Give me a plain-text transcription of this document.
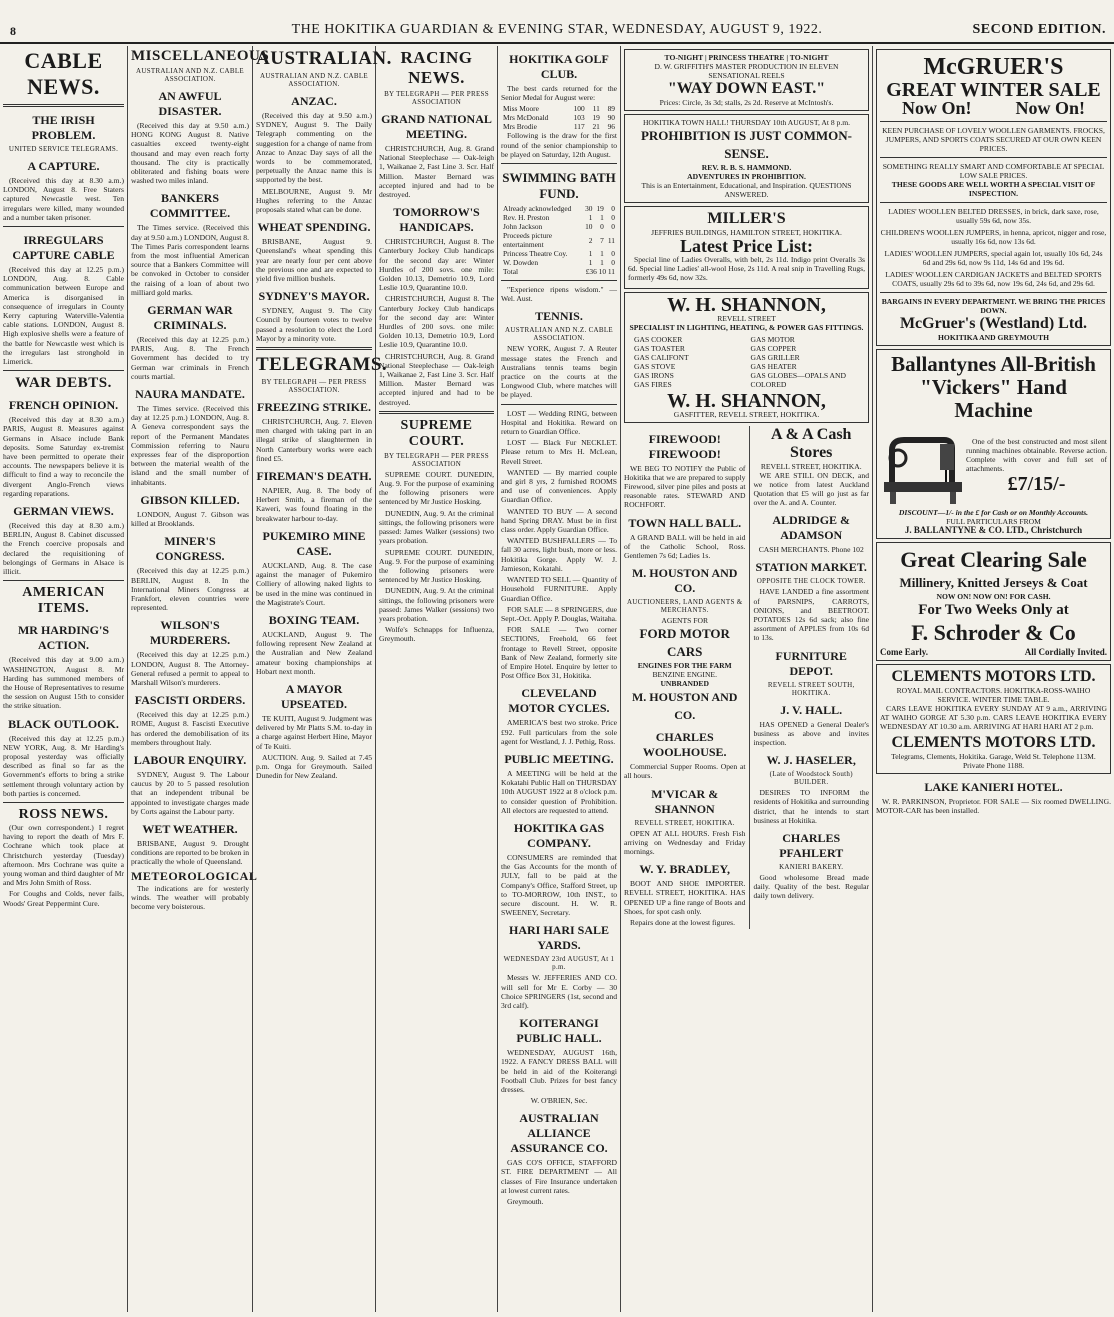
8	THE HOKITIKA GUARDIAN & EVENING STAR, WEDNESDAY, AUGUST 9, 1922.	SECOND EDITION.
CABLE NEWS.
THE IRISH PROBLEM.
UNITED SERVICE TELEGRAMS.
A CAPTURE.

(Received this day at 8.30 a.m.) LONDON, August 8. Free Staters captured Newcastle west. Ten irregulars were killed, many wounded and a number taken prisoner.

IRREGULARS CAPTURE CABLE

(Received this day at 12.25 p.m.) LONDON, Aug. 8. Cable communication between Europe and America is disorganised in consequence of irregulars in County Kerry capturing Waterville-Valentia cable stations. LONDON, August 8. High explosive shells were a feature of the battle for Newcastle west which is the irregulars last stronghold in Limerick.

WAR DEBTS.
FRENCH OPINION.

(Received this day at 8.30 a.m.) PARIS, August 8. Measures against Germans in Alsace include Bank deposits. Some Saturday ex-tremist have been permitted to operate their accounts. The newspapers believe it is difficult to find a way to reconcile the divergent Anglo-French views regarding reparations.

GERMAN VIEWS.

(Received this day at 8.30 a.m.) BERLIN, August 8. Cabinet discussed the French coercive proposals and declared the requisitioning of belongings of Germans in Alsace is illicit.

AMERICAN ITEMS.
MR HARDING'S ACTION.

(Received this day at 9.00 a.m.) WASHINGTON, August 8. Mr Harding has summoned members of the House of Representatives to resume the session on August 15th to consider the strike situation.

BLACK OUTLOOK.

(Received this day at 12.25 p.m.) NEW YORK, Aug. 8. Mr Harding's proposal yesterday was officially described as final so far as the Government's efforts to bring a strike settlement through voluntary action by both parties is concerned.

ROSS NEWS.

(Our own correspondent.) I regret having to report the death of Mrs F. Cochrane which took place at Christchurch yesterday (Tuesday) afternoon. Mrs Cochrane was quite a young woman and third daughter of Mr and Mrs John Smith of Ross.

For Coughs and Colds, never fails, Woods' Great Peppermint Cure.

MISCELLANEOUS
AUSTRALIAN AND N.Z. CABLE ASSOCIATION.
AN AWFUL DISASTER.

(Received this day at 9.50 a.m.) HONG KONG August 8. Native casualties exceed twenty-eight thousand and may even reach forty thousand. The city is practically obliterated and fishing boats were washed two miles inland.

BANKERS COMMITTEE.

The Times service. (Received this day at 9.50 a.m.) LONDON, August 8. The Times Paris correspondent learns from the most influential American source that a Bankers Committee will be convoked in October to consider the raising of a loan of about two milliard gold marks.

GERMAN WAR CRIMINALS.

(Received this day at 12.25 p.m.) PARIS, Aug. 8. The French Government has decided to try German war criminals in French courts martial.

NAURA MANDATE.

The Times service. (Received this day at 12.25 p.m.) LONDON, Aug. 8. A Geneva correspondent says the report of the Permanent Mandates Commission referring to Nauru expresses fear of the disproportion between the material wealth of the island and the small number of inhabitants.

GIBSON KILLED.

LONDON, August 7. Gibson was killed at Brooklands.

MINER'S CONGRESS.

(Received this day at 12.25 p.m.) BERLIN, August 8. In the International Miners Congress at Frankfort, eleven countries were represented.

WILSON'S MURDERERS.

(Received this day at 12.25 p.m.) LONDON, August 8. The Attorney-General refused a permit to appeal to Marshall Wilson's murderers.

FASCISTI ORDERS.

(Received this day at 12.25 p.m.) ROME, August 8. Fascisti Executive has ordered the demobilisation of its members throughout Italy.

LABOUR ENQUIRY.

SYDNEY, August 9. The Labour caucus by 20 to 5 passed resolution that an independent tribunal be appointed to investigate charges made by Corts against the Labour party.

WET WEATHER.

BRISBANE, August 9. Drought conditions are reported to be broken in practically the whole of Queensland.

METEOROLOGICAL

The indications are for westerly winds. The weather will probably become very boisterous.

AUSTRALIAN.
AUSTRALIAN AND N.Z. CABLE ASSOCIATION.
ANZAC.

(Received this day at 9.50 a.m.) SYDNEY, August 9. The Daily Telegraph commenting on the suggestion for a change of name from Anzac to Anzac Day says of all the words to be commemorated, perpetually the Anzac name this is supported by the best.

MELBOURNE, August 9. Mr Hughes referring to the Anzac proposals stated what can be done.

WHEAT SPENDING.

BRISBANE, August 9. Queensland's wheat spending this year are nearly four per cent above the previous one and are expected to yield five million bushels.

SYDNEY'S MAYOR.

SYDNEY, August 9. The City Council by fourteen votes to twelve passed a resolution to elect the Lord Mayor by a minority vote.

TELEGRAMS.
BY TELEGRAPH — PER PRESS ASSOCIATION.
FREEZING STRIKE.

CHRISTCHURCH, Aug. 7. Eleven men charged with taking part in an illegal strike of slaughtermen in North Canterbury works were each fined £5.

FIREMAN'S DEATH.

NAPIER, Aug. 8. The body of Herbert Smith, a fireman of the Kaweri, was found floating in the breakwater harbour to-day.

PUKEMIRO MINE CASE.

AUCKLAND, Aug. 8. The case against the manager of Pukemiro Colliery of allowing naked lights to be used in the mine was continued in the Magistrate's Court.

BOXING TEAM.

AUCKLAND, August 9. The following represent New Zealand at the Australian and New Zealand amateur boxing championships at Hobart next month.

A MAYOR UPSEATED.

TE KUITI, August 9. Judgment was delivered by Mr Platts S.M. to-day in a charge against Herbert Hine, Mayor of Te Kuiti.

AUCTION. Aug. 9. Sailed at 7.45 p.m. Onga for Greymouth. Sailed Dunedin for New Zealand.

RACING NEWS.
BY TELEGRAPH — PER PRESS ASSOCIATION
GRAND NATIONAL MEETING.

CHRISTCHURCH, Aug. 8. Grand National Steeplechase — Oak-leigh 1, Waikanae 2, Fast Line 3. Scr. Half Million. Master Bernard was accepted injured and had to be destroyed.

TOMORROW'S HANDICAPS.

CHRISTCHURCH, August 8. The Canterbury Jockey Club handicaps for the second day are: Winter Hurdles of 200 sovs. one mile: Golden 10.13, Demetrio 10.9, Lord Leslie 10.9, Quarantine 10.0.

CHRISTCHURCH, August 8. The Canterbury Jockey Club handicaps for the second day are: Winter Hurdles of 200 sovs. one mile: Golden 10.13, Demetrio 10.9, Lord Leslie 10.9, Quarantine 10.0.

CHRISTCHURCH, Aug. 8. Grand National Steeplechase — Oak-leigh 1, Waikanae 2, Fast Line 3. Scr. Half Million. Master Bernard was accepted injured and had to be destroyed.

SUPREME COURT.
BY TELEGRAPH — PER PRESS ASSOCIATION

SUPREME COURT. DUNEDIN, Aug. 9. For the purpose of examining the following prisoners were sentenced by Mr Justice Hosking.

DUNEDIN, Aug. 9. At the criminal sittings, the following prisoners were passed: James Walker (sessions) two years probation.

SUPREME COURT. DUNEDIN, Aug. 9. For the purpose of examining the following prisoners were sentenced by Mr Justice Hosking.

DUNEDIN, Aug. 9. At the criminal sittings, the following prisoners were passed: James Walker (sessions) two years probation.

Wolfe's Schnapps for Influenza, Greymouth.

HOKITIKA GOLF CLUB.

The best cards returned for the Senior Medal for August were:

Miss Moore	100	11	89
Mrs McDonald	103	19	90
Mrs Brodie	117	21	96

Following is the draw for the first round of the senior championship to be played on Saturday, 12th August.

SWIMMING BATH FUND.
Already acknowledged	30	19	0
Rev. H. Preston	1	1	0
John Jackson	10	0	0
Proceeds picture entertainment	2	7	11
Princess Theatre Coy.	1	1	0
W. Dowden	1	1	0
Total	£36 10 11		

"Experience ripens wisdom." — Wel. Aust.

TENNIS.
AUSTRALIAN AND N.Z. CABLE ASSOCIATION.

NEW YORK, August 7. A Reuter message states the French and Australians tennis teams begin practice on the courts at the Longwood Club, where matches will be played.

LOST — Wedding RING, between Hospital and Hokitika. Reward on return to Guardian Office.

LOST — Black Fur NECKLET. Please return to Mrs H. McLean, Revell Street.

WANTED — By married couple and girl 8 yrs, 2 furnished ROOMS and use of conveniences. Apply Guardian Office.

WANTED TO BUY — A second hand Spring DRAY. Must be in first class order. Apply Guardian Office.

WANTED BUSHFALLERS — To fall 30 acres, light bush, more or less. Hokitika Gorge. Apply W. J. Jamieson, Kokatahi.

WANTED TO SELL — Quantity of Household FURNITURE. Apply Guardian Office.

FOR SALE — 8 SPRINGERS, due Sept.-Oct. Apply P. Douglas, Waitaha.

FOR SALE — Two corner SECTIONS, Freehold, 66 feet frontage to Revell Street, opposite Bank of New Zealand, formerly site of Empire Hotel. Enquire by letter to Post Office Box 31, Hokitika.

CLEVELAND MOTOR CYCLES.

AMERICA'S best two stroke. Price £92. Full particulars from the sole agent for Westland, J. J. Pethig, Ross.

PUBLIC MEETING.

A MEETING will be held at the Kokatahi Public Hall on THURSDAY 10th AUGUST 1922 at 8 o'clock p.m. to consider question of Prohibition. All electors are requested to attend.

HOKITIKA GAS COMPANY.

CONSUMERS are reminded that the Gas Accounts for the month of JULY, fall to be paid at the Company's Office, Stafford Street, up to TO-MORROW, 10th INST., to secure discount. H. W. R. SWEENEY, Secretary.

HARI HARI SALE YARDS.
WEDNESDAY 23rd AUGUST, At 1 p.m.

Messrs W. JEFFERIES AND CO. will sell for Mr E. Corby — 30 Choice SPRINGERS (1st, second and 3rd calf).

KOITERANGI PUBLIC HALL.

WEDNESDAY, AUGUST 16th, 1922. A FANCY DRESS BALL will be held in aid of the Koiterangi Football Club. Prizes for best fancy dresses.

W. O'BRIEN, Sec.
AUSTRALIAN ALLIANCE ASSURANCE CO.

GAS CO'S OFFICE, STAFFORD ST. FIRE DEPARTMENT — All classes of Fire Insurance undertaken at lowest current rates.

Greymouth.

TO-NIGHT | PRINCESS THEATRE | TO-NIGHT
D. W. GRIFFITH'S MASTER PRODUCTION IN ELEVEN SENSATIONAL REELS
"WAY DOWN EAST."
Prices: Circle, 3s 3d; stalls, 2s 2d. Reserve at McIntosh's.
HOKITIKA TOWN HALL! THURSDAY 10th AUGUST, At 8 p.m.
PROHIBITION IS JUST COMMON-SENSE.
REV. R. B. S. HAMMOND.
ADVENTURES IN PROHIBITION.
This is an Entertainment, Educational, and Inspiration. QUESTIONS ANSWERED.
MILLER'S
JEFFRIES BUILDINGS, HAMILTON STREET, HOKITIKA.
Latest Price List:

Special line of Ladies Overalls, with belt, 2s 11d. Indigo print Overalls 3s 6d. Special line Ladies' all-wool Hose, 2s 11d. A real snip in Travelling Rugs, formerly 49s 6d, now 32s.

W. H. SHANNON,
REVELL STREET
SPECIALIST IN LIGHTING, HEATING, & POWER GAS FITTINGS.
GAS COOKER
GAS TOASTER
GAS CALIFONT
GAS STOVE
GAS IRONS
GAS FIRES
GAS MOTOR
GAS COPPER
GAS GRILLER
GAS HEATER
GAS GLOBES—OPALS AND COLORED
W. H. SHANNON,
GASFITTER, REVELL STREET, HOKITIKA.
FIREWOOD! FIREWOOD!

WE BEG TO NOTIFY the Public of Hokitika that we are prepared to supply Firewood, silver pine piles and posts at reasonable rates. STEWARD AND ROCHFORT.

TOWN HALL BALL.

A GRAND BALL will be held in aid of the Catholic School, Ross. Gentlemen 7s 6d; Ladies 1s.

M. HOUSTON AND CO.
AUCTIONEERS, LAND AGENTS & MERCHANTS.
AGENTS FOR
FORD MOTOR CARS
ENGINES FOR THE FARM
BENZINE ENGINE.
UNBRANDED
M. HOUSTON AND CO.
CHARLES WOOLHOUSE.

Commercial Supper Rooms. Open at all hours.

M'VICAR & SHANNON
REVELL STREET, HOKITIKA.

OPEN AT ALL HOURS. Fresh Fish arriving on Wednesday and Friday mornings.

W. Y. BRADLEY,

BOOT AND SHOE IMPORTER. REVELL STREET, HOKITIKA. HAS OPENED UP a fine range of Boots and Shoes, for spot cash only.

Repairs done at the lowest figures.

A & A Cash Stores
REVELL STREET, HOKITIKA.

WE ARE STILL ON DECK, and we notice from latest Auckland Quotation that £5 will go just as far over the A. and A. Counter.

ALDRIDGE & ADAMSON
CASH MERCHANTS. Phone 102
STATION MARKET.
OPPOSITE THE CLOCK TOWER.

HAVE LANDED a fine assortment of PARSNIPS, CARROTS, ONIONS, and BEETROOT. POTATOES 12s 6d sack; also fine assortment of APPLES from 10s 6d to 13s.

FURNITURE DEPOT.
REVELL STREET SOUTH, HOKITIKA.
J. V. HALL.

HAS OPENED a General Dealer's business as above and invites inspection.

W. J. HASELER,
(Late of Woodstock South) BUILDER.

DESIRES TO INFORM the residents of Hokitika and surrounding district, that he intends to start business at Hokitika.

CHARLES PFAHLERT
KANIERI BAKERY.

Good wholesome Bread made daily. Quality of the best. Regular daily town delivery.

McGRUER'S
GREAT WINTER SALE
Now On! Now On!
KEEN PURCHASE OF LOVELY WOOLLEN GARMENTS. FROCKS, JUMPERS, AND SPORTS COATS SECURED AT OUR OWN KEEN PRICES.
SOMETHING REALLY SMART AND COMFORTABLE AT SPECIAL LOW SALE PRICES.
THESE GOODS ARE WELL WORTH A SPECIAL VISIT OF INSPECTION.
LADIES' WOOLLEN BELTED DRESSES, in brick, dark saxe, rose, usually 59s 6d, now 35s.
CHILDREN'S WOOLLEN JUMPERS, in henna, apricot, nigger and rose, usually 16s 6d, now 13s 6d.
LADIES' WOOLLEN JUMPERS, special again lot, usually 10s 6d, 24s 6d and 29s 6d, now 9s 11d, 14s 6d and 19s 6d.
LADIES' WOOLLEN CARDIGAN JACKETS and BELTED SPORTS COATS, usually 29s 6d to 39s 6d, now 19s 6d, 24s 6d, and 29s 6d.
BARGAINS IN EVERY DEPARTMENT. WE BRING THE PRICES DOWN.
McGruer's (Westland) Ltd.
HOKITIKA AND GREYMOUTH
Ballantynes All-British "Vickers" Hand Machine

One of the best constructed and most silent running machines obtainable. Reverse action. Complete with cover and full set of attachments.

£7/15/-
DISCOUNT—1/- in the £ for Cash or on Monthly Accounts.
FULL PARTICULARS FROM
J. BALLANTYNE & CO. LTD., Christchurch
Great Clearing Sale
Millinery, Knitted Jerseys & Coat
NOW ON! NOW ON! FOR CASH.
For Two Weeks Only at
F. Schroder & Co
Come Early.	All Cordially Invited.
CLEMENTS MOTORS LTD.
ROYAL MAIL CONTRACTORS. HOKITIKA-ROSS-WAIHO SERVICE. WINTER TIME TABLE.

CARS LEAVE HOKITIKA EVERY SUNDAY AT 9 a.m., ARRIVING AT WAIHO GORGE AT 5.30 p.m. CARS LEAVE HOKITIKA EVERY WEDNESDAY AT 10.30 a.m. ARRIVING AT HARI HARI AT 2 p.m.

CLEMENTS MOTORS LTD.
Telegrams, Clements, Hokitika. Garage, Weld St. Telephone 113M. Private Phone 1188.
LAKE KANIERI HOTEL.

W. R. PARKINSON, Proprietor. FOR SALE — Six roomed DWELLING. MOTOR-CAR has been installed.
